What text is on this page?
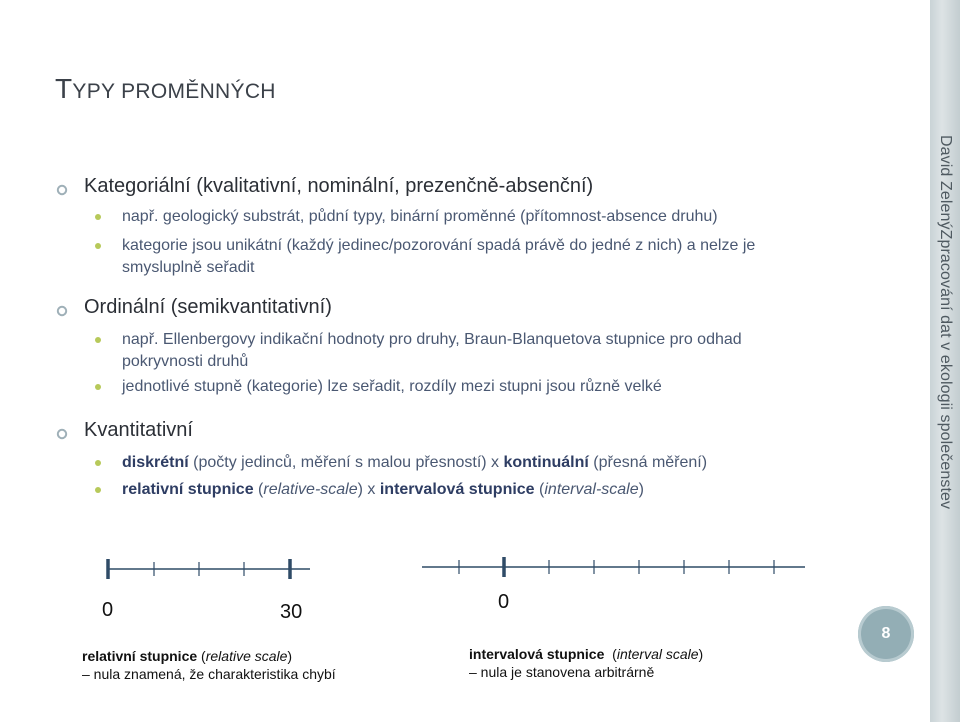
David ZelenýZpracování dat v ekologii společenstev
TYPY PROMĚNNÝCH
Kategoriální (kvalitativní, nominální, prezenčně-absenční)
např. geologický substrát, půdní typy, binární proměnné (přítomnost-absence druhu)
kategorie jsou unikátní (každý jedinec/pozorování spadá právě do jedné z nich) a nelze je smysluplně seřadit
Ordinální (semikvantitativní)
např. Ellenbergovy indikační hodnoty pro druhy, Braun-Blanquetova stupnice pro odhad pokryvnosti druhů
jednotlivé stupně (kategorie) lze seřadit, rozdíly mezi stupni jsou různě velké
Kvantitativní
diskrétní (počty jedinců, měření s malou přesností) x kontinuální (přesná měření)
relativní stupnice (relative-scale) x intervalová stupnice (interval-scale)
0	30
relativní stupnice (relative scale)
– nula znamená, že charakteristika chybí
0
intervalová stupnice  (interval scale)
– nula je stanovena arbitrárně
8
